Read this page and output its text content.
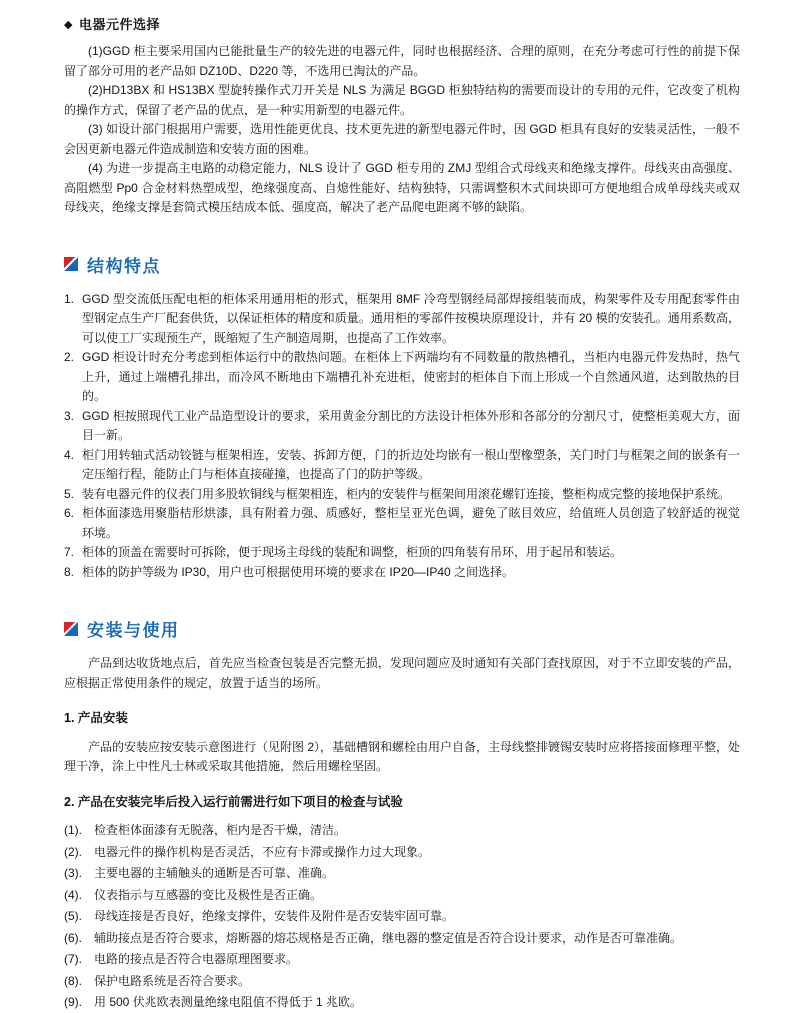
◆ 电器元件选择

(1)GGD 柜主要采用国内已能批量生产的较先进的电器元件，同时也根据经济、合理的原则，在充分考虑可行性的前提下保留了部分可用的老产品如 DZ10D、D220 等，不选用已淘汰的产品。

(2)HD13BX 和 HS13BX 型旋转操作式刀开关是 NLS 为满足 BGGD 柜独特结构的需要而设计的专用的元件，它改变了机构的操作方式，保留了老产品的优点，是一种实用新型的电器元件。

(3) 如设计部门根据用户需要，选用性能更优良、技术更先进的新型电器元件时，因 GGD 柜具有良好的安装灵活性，一般不会因更新电器元件造成制造和安装方面的困难。

(4) 为进一步提高主电路的动稳定能力，NLS 设计了 GGD 柜专用的 ZMJ 型组合式母线夹和绝缘支撑件。母线夹由高强度、高阻燃型 Pp0 合金材料热塑成型，绝缘强度高、自熄性能好、结构独特，只需调整积木式间块即可方便地组合成单母线夹或双母线夹，绝缘支撑是套筒式模压结成本低、强度高，解决了老产品爬电距离不够的缺陷。

结构特点
1. GGD 型交流低压配电柜的柜体采用通用柜的形式，框架用 8MF 冷弯型钢经局部焊接组装而成，构架零件及专用配套零件由型钢定点生产厂配套供货，以保证柜体的精度和质量。通用柜的零部件按模块原理设计，并有 20 模的安装孔。通用系数高，可以使工厂实现预生产，既缩短了生产制造周期，也提高了工作效率。
2. GGD 柜设计时充分考虑到柜体运行中的散热问题。在柜体上下两端均有不同数量的散热槽孔，当柜内电器元件发热时，热气上升，通过上端槽孔排出，而冷风不断地由下端槽孔补充进柜，使密封的柜体自下而上形成一个自然通风道，达到散热的目的。
3. GGD 柜按照现代工业产品造型设计的要求，采用黄金分割比的方法设计柜体外形和各部分的分割尺寸，使整柜美观大方，面目一新。
4. 柜门用转轴式活动铰链与框架相连，安装、拆卸方便，门的折边处均嵌有一根山型橡塑条，关门时门与框架之间的嵌条有一定压缩行程，能防止门与柜体直接碰撞，也提高了门的防护等级。
5. 装有电器元件的仪表门用多股软铜线与框架相连，柜内的安装件与框架间用滚花螺钉连接，整柜构成完整的接地保护系统。
6. 柜体面漆选用聚脂桔形烘漆，具有附着力强、质感好，整柜呈亚光色调，避免了眩目效应，给值班人员创造了较舒适的视觉环境。
7. 柜体的顶盖在需要时可拆除，便于现场主母线的装配和调整，柜顶的四角装有吊环，用于起吊和装运。
8. 柜体的防护等级为 IP30，用户也可根据使用环境的要求在 IP20—IP40 之间选择。
安装与使用

产品到达收货地点后，首先应当检查包装是否完整无损，发现问题应及时通知有关部门查找原因，对于不立即安装的产品，应根据正常使用条件的规定，放置于适当的场所。

1. 产品安装

产品的安装应按安装示意图进行（见附图 2），基础槽钢和螺栓由用户自备，主母线整排镀锡安装时应将搭接面修理平整，处理干净，涂上中性凡士林或采取其他措施，然后用螺栓坚固。

2. 产品在安装完毕后投入运行前需进行如下项目的检查与试验
(1).	检查柜体面漆有无脱落，柜内是否干燥，清洁。
(2).	电器元件的操作机构是否灵活，不应有卡滞或操作力过大现象。
(3).	主要电器的主辅触头的通断是否可靠、准确。
(4).	仪表指示与互感器的变比及极性是否正确。
(5).	母线连接是否良好，绝缘支撑件，安装件及附件是否安装牢固可靠。
(6).	辅助接点是否符合要求，熔断器的熔芯规格是否正确，继电器的整定值是否符合设计要求，动作是否可靠准确。
(7).	电路的接点是否符合电器原理图要求。
(8).	保护电路系统是否符合要求。
(9).	用 500 伏兆欧表测量绝缘电阻值不得低于 1 兆欧。
